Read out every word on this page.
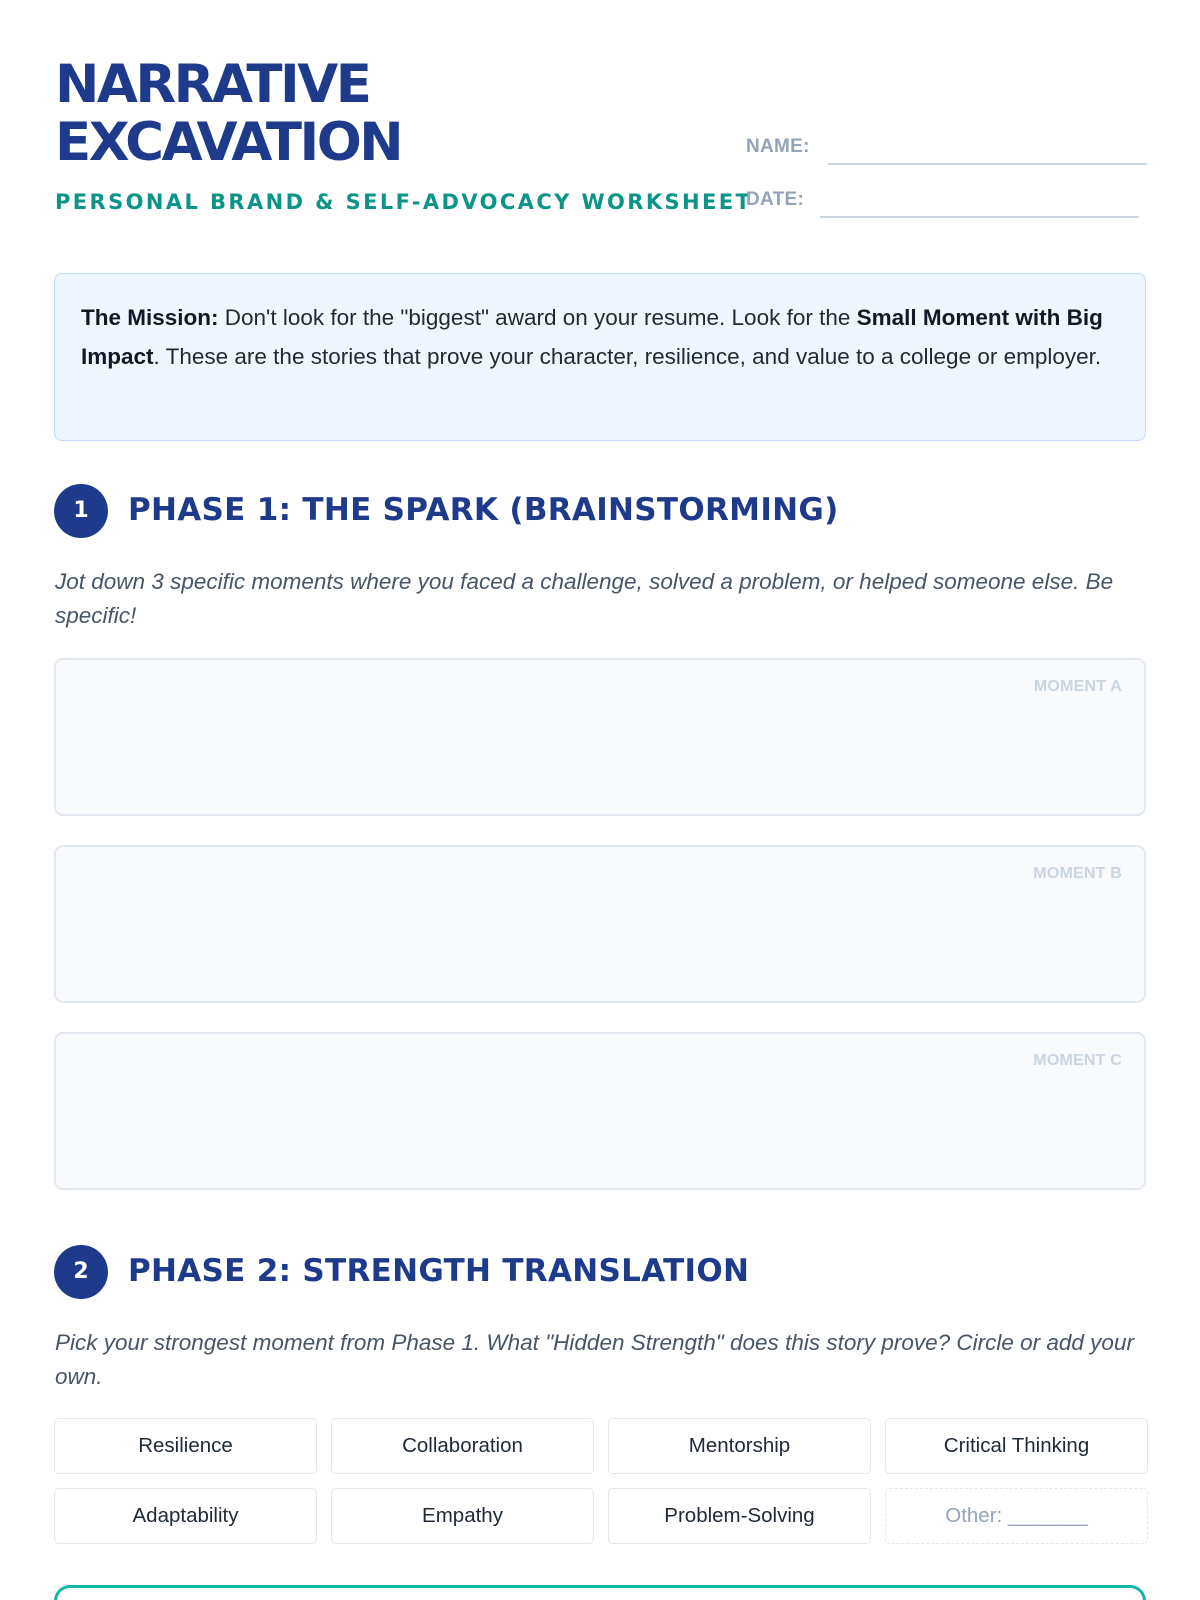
NARRATIVE
EXCAVATION
PERSONAL BRAND & SELF-ADVOCACY WORKSHEET
NAME:
DATE:
The Mission: Don't look for the "biggest" award on your resume. Look for the Small Moment with Big Impact. These are the stories that prove your character, resilience, and value to a college or employer.
1	PHASE 1: THE SPARK (BRAINSTORMING)
Jot down 3 specific moments where you faced a challenge, solved a problem, or helped someone else. Be specific!
MOMENT A
MOMENT B
MOMENT C
2	PHASE 2: STRENGTH TRANSLATION
Pick your strongest moment from Phase 1. What "Hidden Strength" does this story prove? Circle or add your own.
Resilience	Collaboration	Mentorship	Critical Thinking
Adaptability	Empathy	Problem-Solving	Other: _______
